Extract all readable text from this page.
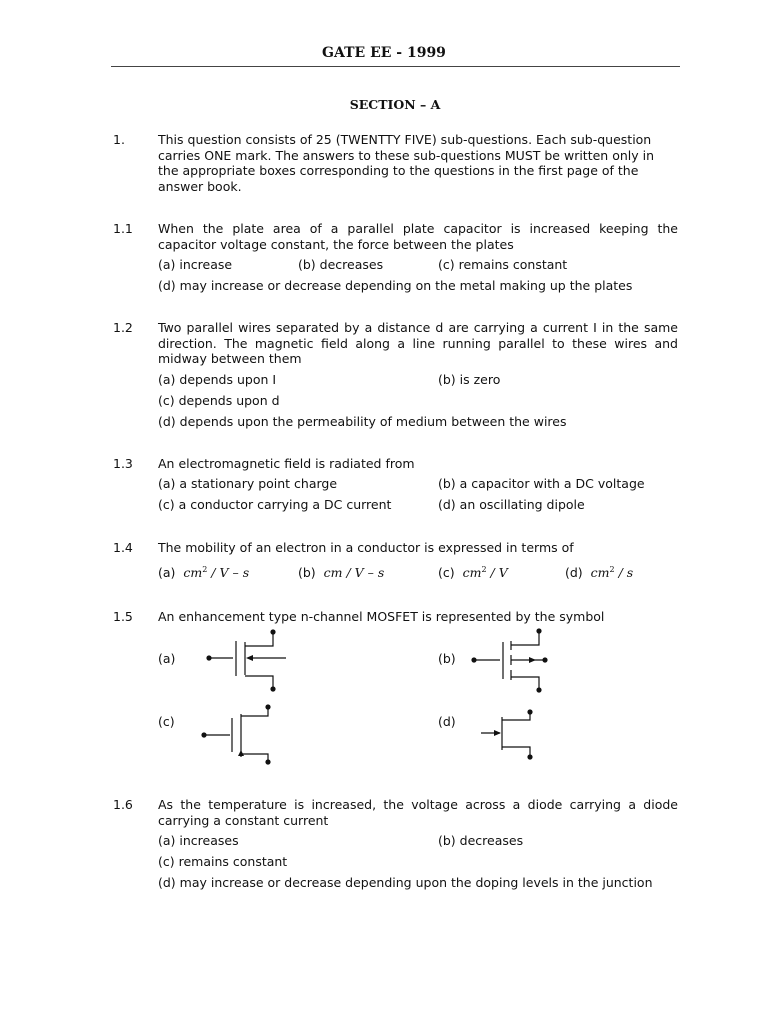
GATE EE - 1999
SECTION – A
1.	This question consists of 25 (TWENTTY FIVE) sub-questions. Each sub-question carries ONE mark. The answers to these sub-questions MUST be written only in the appropriate boxes corresponding to the questions in the first page of the answer book.
1.1 When the plate area of a parallel plate capacitor is increased keeping the capacitor voltage constant, the force between the plates
(a) increase	(b) decreases	(c) remains constant
(d) may increase or decrease depending on the metal making up the plates
1.2 Two parallel wires separated by a distance d are carrying a current I in the same direction. The magnetic field along a line running parallel to these wires and midway between them
(a) depends upon I	(b) is zero
(c) depends upon d
(d) depends upon the permeability of medium between the wires
1.3 An electromagnetic field is radiated from
(a) a stationary point charge	(b) a capacitor with a DC voltage
(c) a conductor carrying a DC current	(d) an oscillating dipole
1.4 The mobility of an electron in a conductor is expressed in terms of
(a) $cm^2$ / V – s	(b) cm / V – s	(c) $cm^2$ / V	(d) $cm^2$ / s
1.5 An enhancement type n-channel MOSFET is represented by the symbol
(a)	(b)
(c)	(d)
1.6 As the temperature is increased, the voltage across a diode carrying a diode carrying a constant current
(a) increases	(b) decreases
(c) remains constant
(d) may increase or decrease depending upon the doping levels in the junction
